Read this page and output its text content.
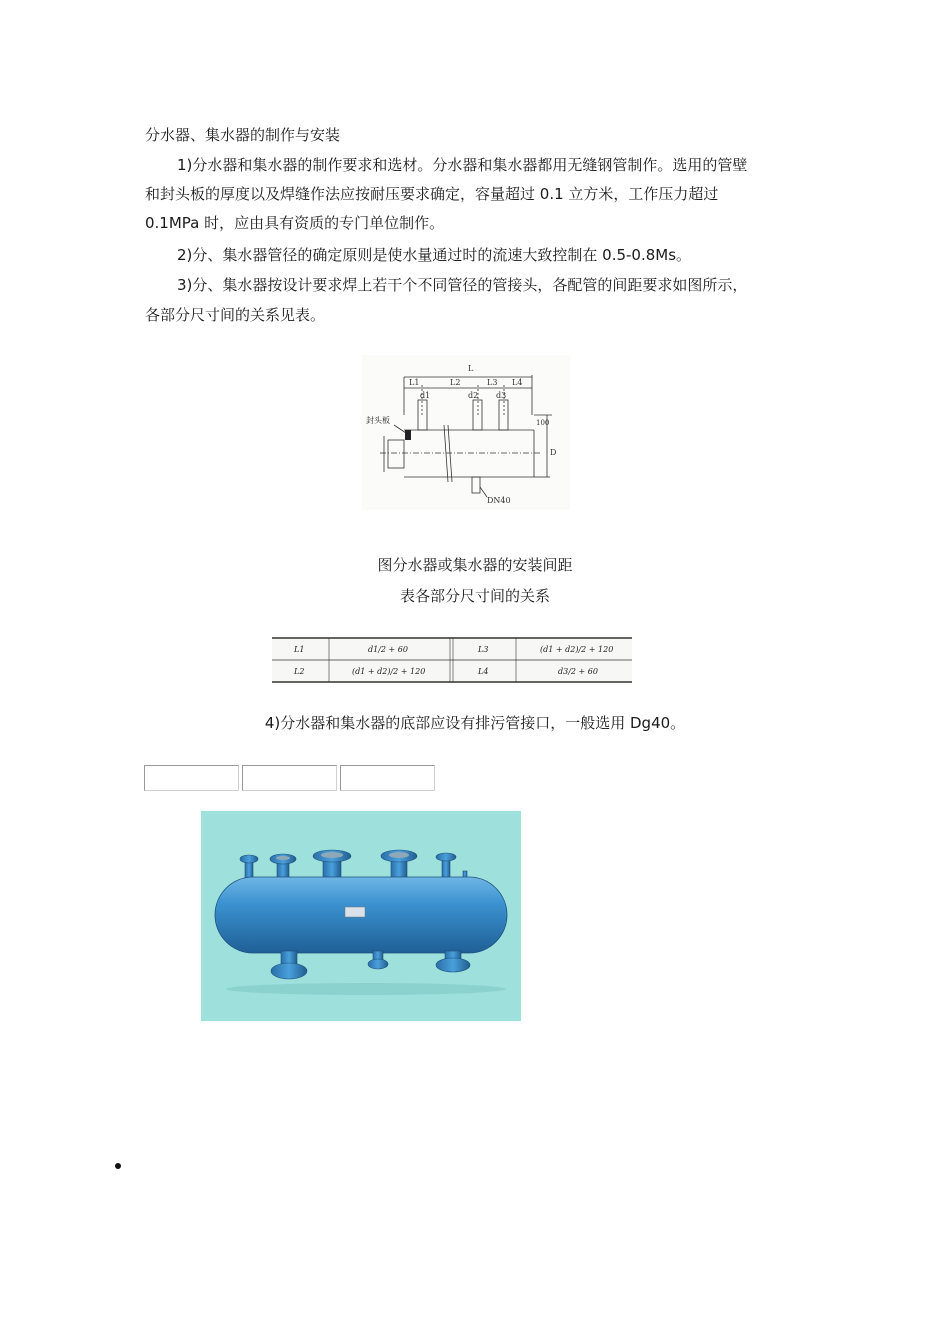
分水器、集水器的制作与安装
1)分水器和集水器的制作要求和选材。分水器和集水器都用无缝钢管制作。选用的管壁
和封头板的厚度以及焊缝作法应按耐压要求确定，容量超过 0.1 立方米，工作压力超过
0.1MPa 时，应由具有资质的专门单位制作。
2)分、集水器管径的确定原则是使水量通过时的流速大致控制在 0.5-0.8Ms。
3)分、集水器按设计要求焊上若干个不同管径的管接头，各配管的间距要求如图所示，
各部分尺寸间的关系见表。
L
L1	L2	L3 L4
d1	d2 d3
D
100
DN40
封头板
图分水器或集水器的安装间距
表各部分尺寸间的关系
L1	d1/2 + 60	L3	(d1 + d2)/2 + 120
L2	(d1 + d2)/2 + 120	L4	d3/2 + 60
4)分水器和集水器的底部应设有排污管接口，一般选用 Dg40。
